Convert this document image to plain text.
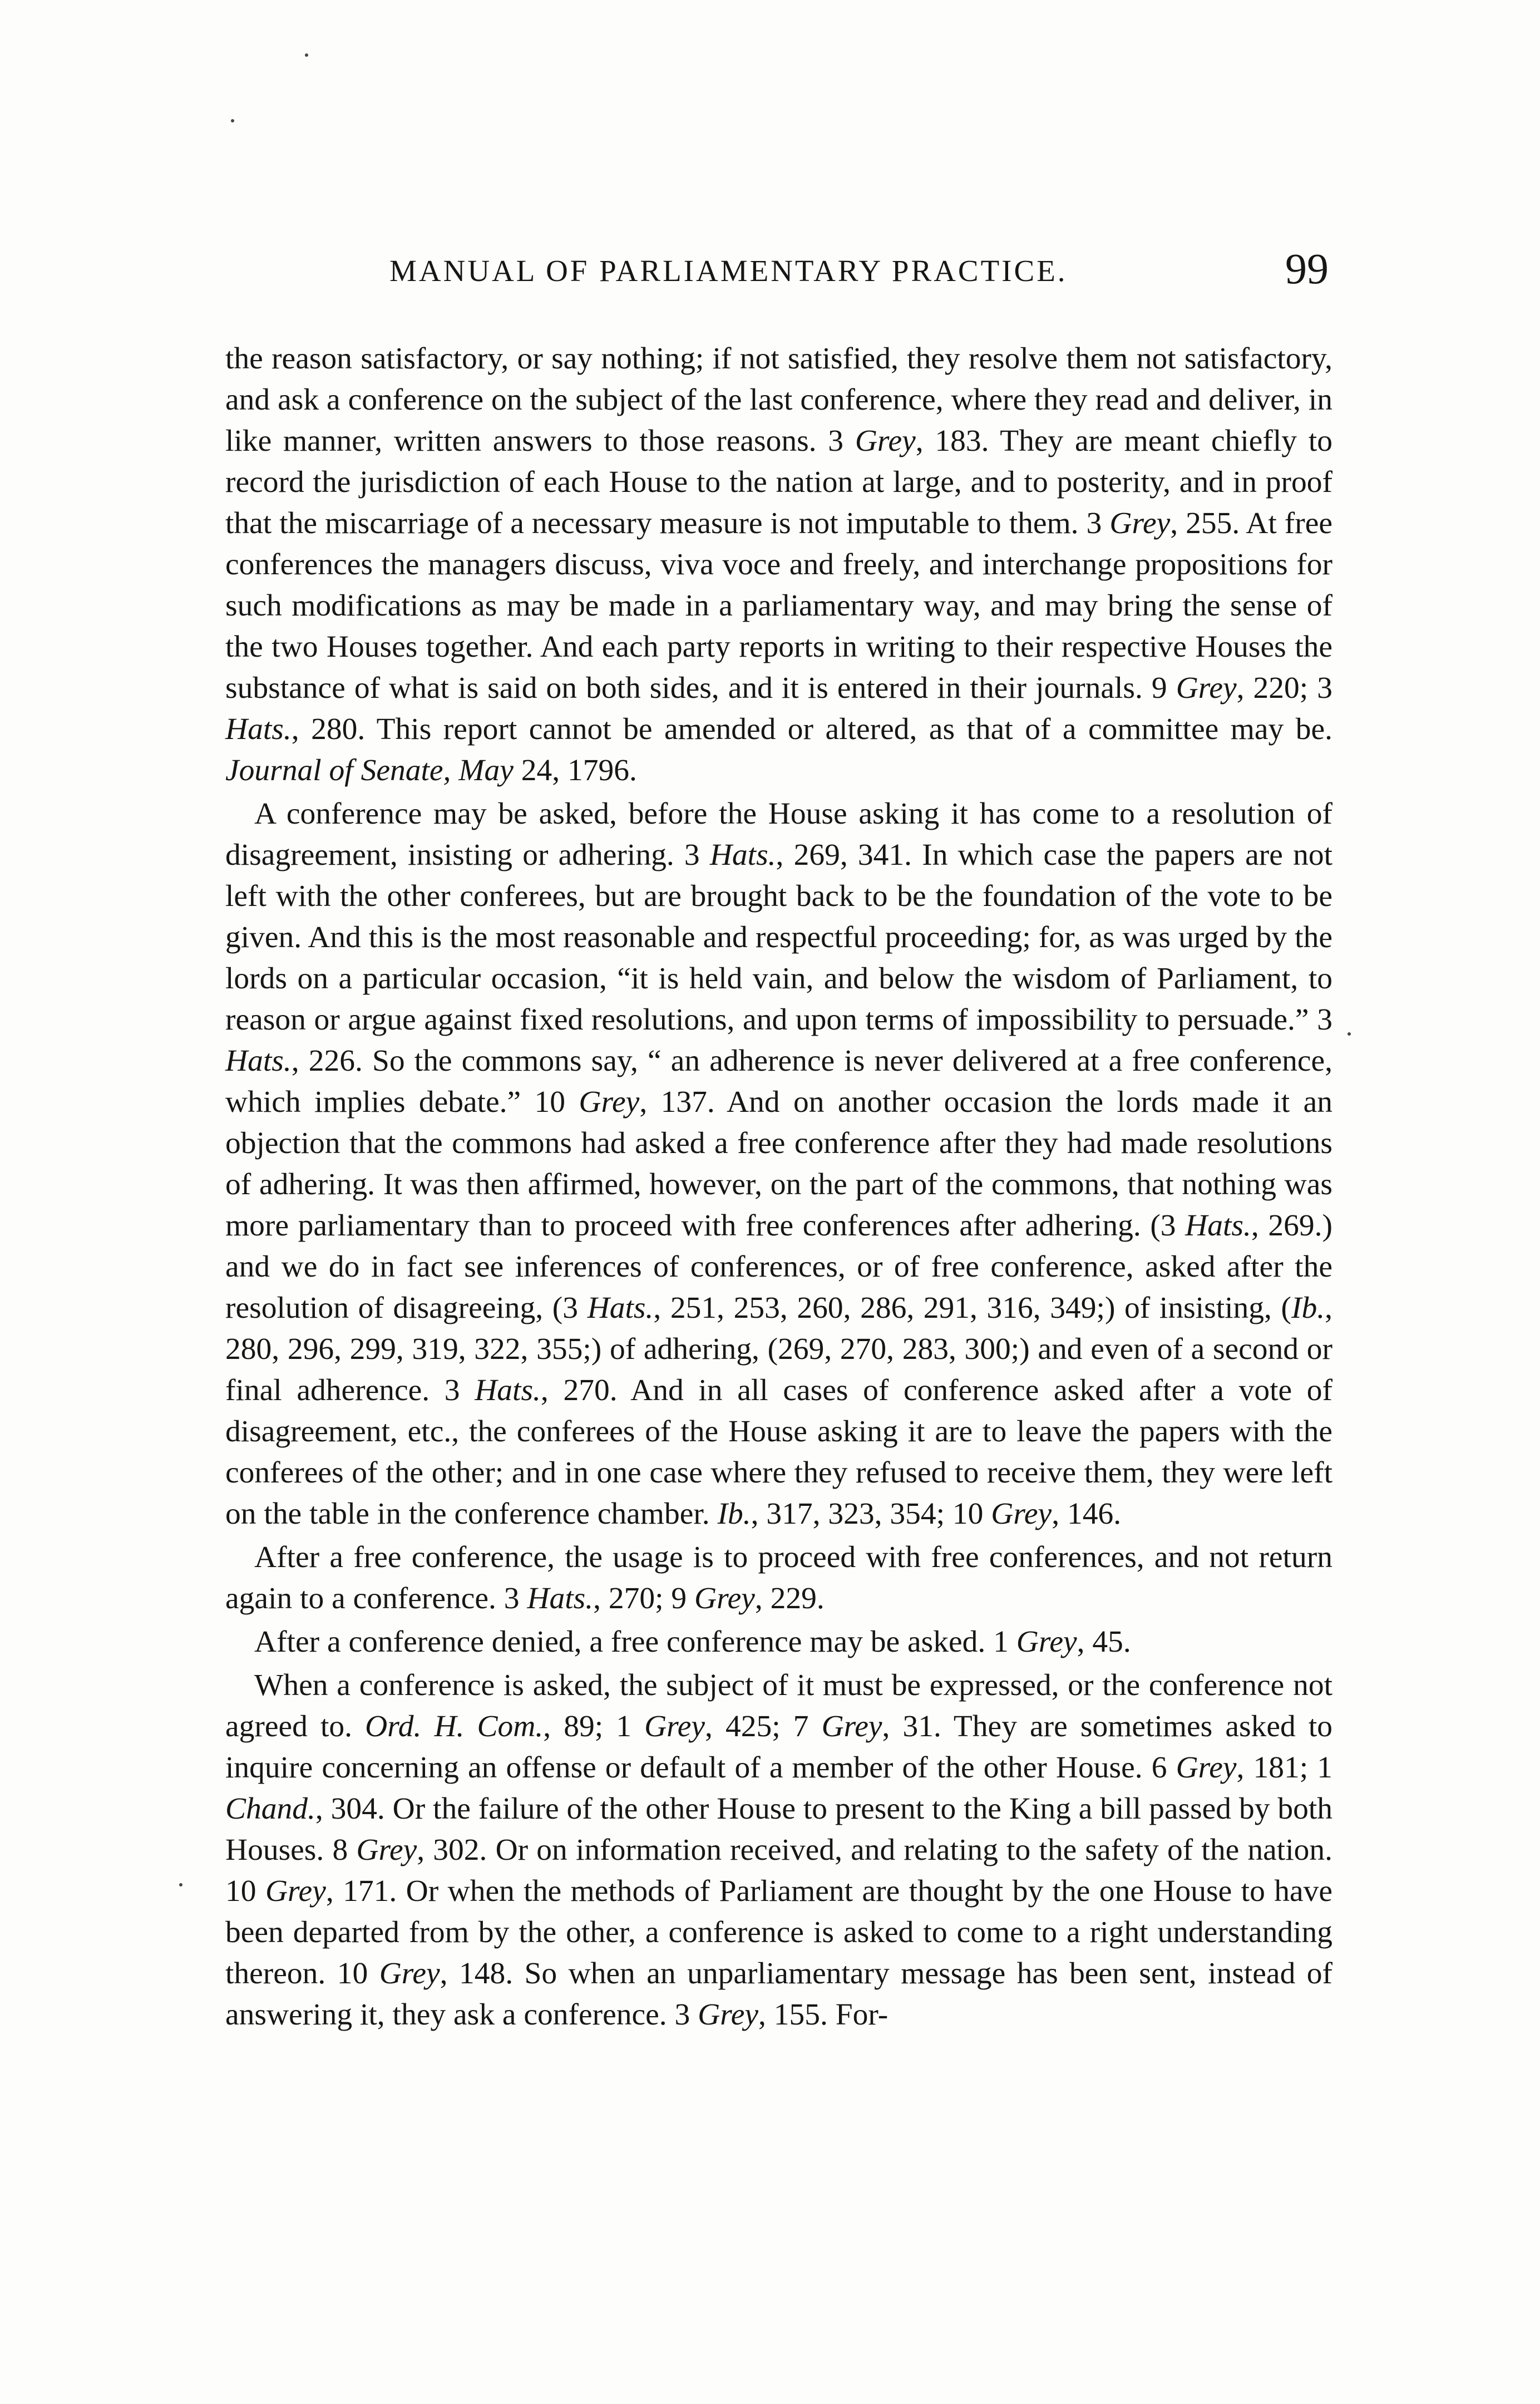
MANUAL OF PARLIAMENTARY PRACTICE.	99

the reason satisfactory, or say nothing; if not satisfied, they resolve them not satisfactory, and ask a conference on the subject of the last conference, where they read and deliver, in like manner, written answers to those reasons. 3 Grey, 183. They are meant chiefly to record the jurisdiction of each House to the nation at large, and to posterity, and in proof that the miscarriage of a necessary measure is not imputable to them. 3 Grey, 255. At free conferences the managers discuss, viva voce and freely, and interchange propositions for such modifications as may be made in a parliamentary way, and may bring the sense of the two Houses together. And each party reports in writing to their respective Houses the substance of what is said on both sides, and it is entered in their journals. 9 Grey, 220; 3 Hats., 280. This report cannot be amended or altered, as that of a committee may be. Journal of Senate, May 24, 1796.

A conference may be asked, before the House asking it has come to a resolution of disagreement, insisting or adhering. 3 Hats., 269, 341. In which case the papers are not left with the other conferees, but are brought back to be the foundation of the vote to be given. And this is the most reasonable and respectful proceeding; for, as was urged by the lords on a particular occasion, “it is held vain, and below the wisdom of Parliament, to reason or argue against fixed resolutions, and upon terms of impossibility to persuade.” 3 Hats., 226. So the commons say, “ an adherence is never delivered at a free conference, which implies debate.” 10 Grey, 137. And on another occasion the lords made it an objection that the commons had asked a free conference after they had made resolutions of adhering. It was then affirmed, however, on the part of the commons, that nothing was more parliamentary than to proceed with free conferences after adhering. (3 Hats., 269.) and we do in fact see inferences of conferences, or of free conference, asked after the resolution of disagreeing, (3 Hats., 251, 253, 260, 286, 291, 316, 349;) of insisting, (Ib., 280, 296, 299, 319, 322, 355;) of adhering, (269, 270, 283, 300;) and even of a second or final adherence. 3 Hats., 270. And in all cases of conference asked after a vote of disagreement, etc., the conferees of the House asking it are to leave the papers with the conferees of the other; and in one case where they refused to receive them, they were left on the table in the conference chamber. Ib., 317, 323, 354; 10 Grey, 146.

After a free conference, the usage is to proceed with free conferences, and not return again to a conference. 3 Hats., 270; 9 Grey, 229.

After a conference denied, a free conference may be asked. 1 Grey, 45.

When a conference is asked, the subject of it must be expressed, or the conference not agreed to. Ord. H. Com., 89; 1 Grey, 425; 7 Grey, 31. They are sometimes asked to inquire concerning an offense or default of a member of the other House. 6 Grey, 181; 1 Chand., 304. Or the failure of the other House to present to the King a bill passed by both Houses. 8 Grey, 302. Or on information received, and relating to the safety of the nation. 10 Grey, 171. Or when the methods of Parliament are thought by the one House to have been departed from by the other, a conference is asked to come to a right understanding thereon. 10 Grey, 148. So when an unparliamentary message has been sent, instead of answering it, they ask a conference. 3 Grey, 155. For-
